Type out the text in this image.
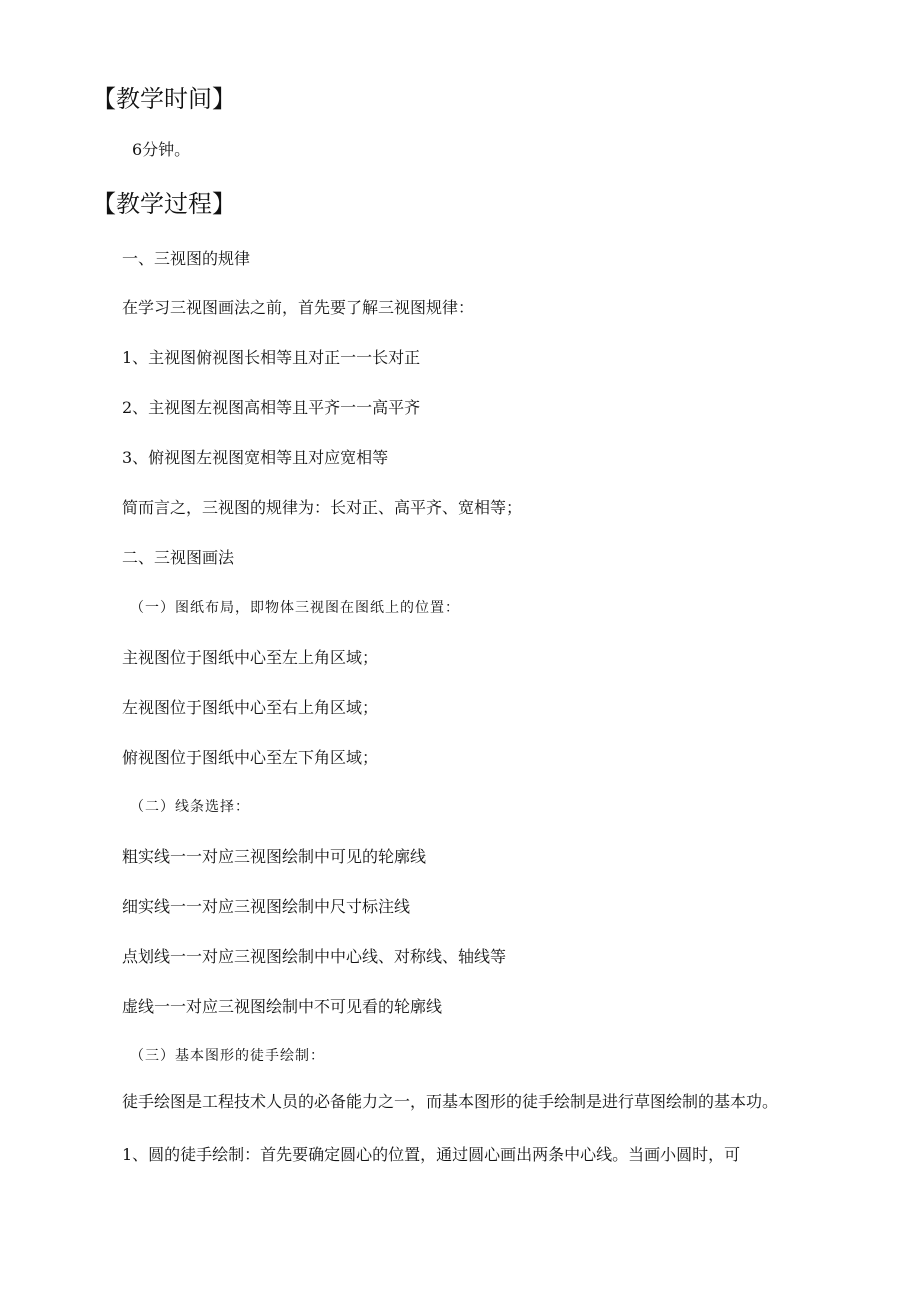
【教学时间】
6分钟。
【教学过程】
一、三视图的规律
在学习三视图画法之前，首先要了解三视图规律：
1、主视图俯视图长相等且对正一一长对正
2、主视图左视图高相等且平齐一一高平齐
3、俯视图左视图宽相等且对应宽相等
简而言之，三视图的规律为：长对正、高平齐、宽相等；
二、三视图画法
（一）图纸布局，即物体三视图在图纸上的位置：
主视图位于图纸中心至左上角区域；
左视图位于图纸中心至右上角区域；
俯视图位于图纸中心至左下角区域；
（二）线条选择：
粗实线一一对应三视图绘制中可见的轮廓线
细实线一一对应三视图绘制中尺寸标注线
点划线一一对应三视图绘制中中心线、对称线、轴线等
虚线一一对应三视图绘制中不可见看的轮廓线
（三）基本图形的徒手绘制：
徒手绘图是工程技术人员的必备能力之一，而基本图形的徒手绘制是进行草图绘制的基本功。
1、圆的徒手绘制：首先要确定圆心的位置，通过圆心画出两条中心线。当画小圆时，可
